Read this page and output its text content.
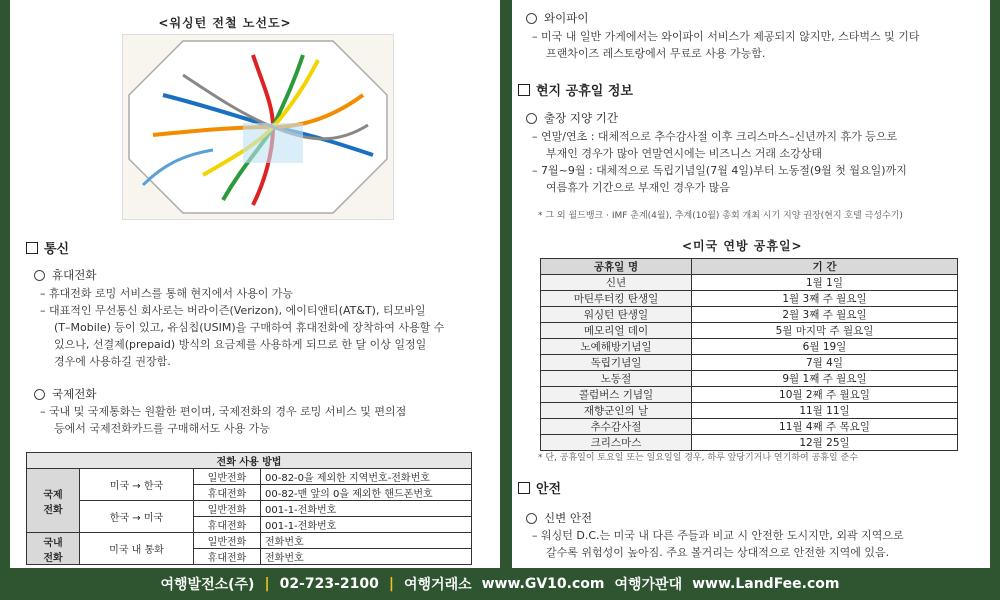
<워싱턴 전철 노선도>
통신
휴대전화
– 휴대전화 로밍 서비스를 통해 현지에서 사용이 가능
– 대표적인 무선통신 회사로는 버라이즌(Verizon), 에이티앤티(AT&T), 티모바일
(T–Mobile) 등이 있고, 유심칩(USIM)을 구매하여 휴대전화에 장착하여 사용할 수
있으나, 선결제(prepaid) 방식의 요금제를 사용하게 되므로 한 달 이상 일정일
경우에 사용하길 권장함.
국제전화
– 국내 및 국제통화는 원활한 편이며, 국제전화의 경우 로밍 서비스 및 편의점
등에서 국제전화카드를 구매해서도 사용 가능
전화 사용 방법			
국제
전화	미국 → 한국	일반전화	00-82-0을 제외한 지역번호-전화번호
		휴대전화	00-82-맨 앞의 0을 제외한 핸드폰번호
	한국 → 미국	일반전화	001-1-전화번호
		휴대전화	001-1-전화번호
국내
전화	미국 내 통화	일반전화	전화번호
		휴대전화	전화번호
와이파이
– 미국 내 일반 가게에서는 와이파이 서비스가 제공되지 않지만, 스타벅스 및 기타
프랜차이즈 레스토랑에서 무료로 사용 가능함.
현지 공휴일 정보
출장 지양 기간
– 연말/연초 : 대체적으로 추수감사절 이후 크리스마스–신년까지 휴가 등으로
부재인 경우가 많아 연말연시에는 비즈니스 거래 소강상태
– 7월~9월 : 대체적으로 독립기념일(7월 4일)부터 노동절(9월 첫 월요일)까지
여름휴가 기간으로 부재인 경우가 많음
* 그 외 월드뱅크 · IMF 춘계(4월), 추계(10월) 총회 개최 시기 지양 권장(현지 호텔 극성수기)
<미국 연방 공휴일>
공휴일 명	기 간
신년	1월 1일
마틴루터킹 탄생일	1월 3째 주 월요일
워싱턴 탄생일	2월 3째 주 월요일
메모리얼 데이	5월 마지막 주 월요일
노예해방기념일	6월 19일
독립기념일	7월 4일
노동절	9월 1째 주 월요일
콜럼버스 기념일	10월 2째 주 월요일
재향군인의 날	11월 11일
추수감사절	11월 4째 주 목요일
크리스마스	12월 25일
* 단, 공휴일이 토요일 또는 일요일일 경우, 하루 앞당기거나 연기하여 공휴일 준수
안전
신변 안전
– 워싱턴 D.C.는 미국 내 다른 주들과 비교 시 안전한 도시지만, 외곽 지역으로
갈수록 위험성이 높아짐. 주요 볼거리는 상대적으로 안전한 지역에 있음.
여행발전소(주) | 02-723-2100 | 여행거래소 www.GV10.com 여행가판대 www.LandFee.com
